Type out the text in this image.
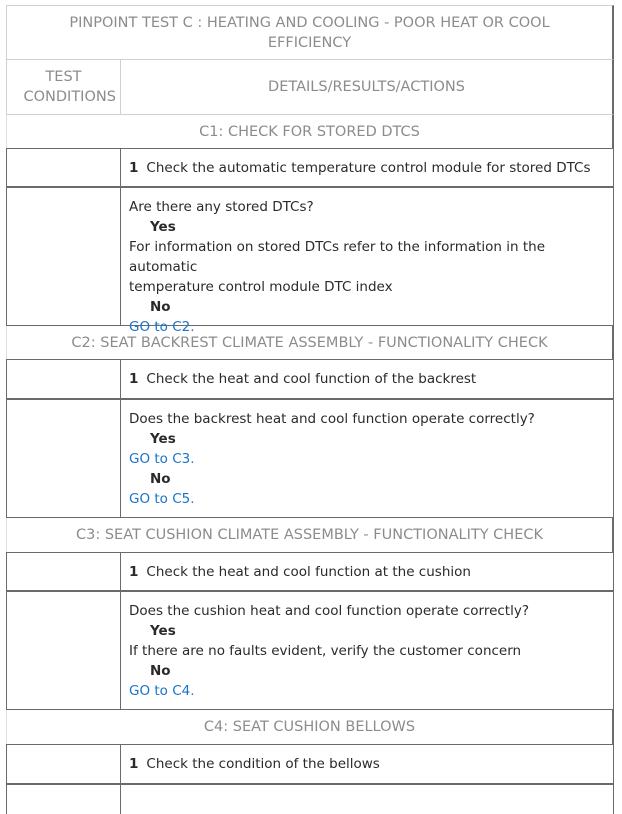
PINPOINT TEST C : HEATING AND COOLING - POOR HEAT OR COOL EFFICIENCY
TEST CONDITIONS
DETAILS/RESULTS/ACTIONS
C1: CHECK FOR STORED DTCS
1 Check the automatic temperature control module for stored DTCs
Are there any stored DTCs?
Yes
For information on stored DTCs refer to the information in the automatic
temperature control module DTC index
No
GO to C2.
C2: SEAT BACKREST CLIMATE ASSEMBLY - FUNCTIONALITY CHECK
1 Check the heat and cool function of the backrest
Does the backrest heat and cool function operate correctly?
Yes
GO to C3.
No
GO to C5.
C3: SEAT CUSHION CLIMATE ASSEMBLY - FUNCTIONALITY CHECK
1 Check the heat and cool function at the cushion
Does the cushion heat and cool function operate correctly?
Yes
If there are no faults evident, verify the customer concern
No
GO to C4.
C4: SEAT CUSHION BELLOWS
1 Check the condition of the bellows
